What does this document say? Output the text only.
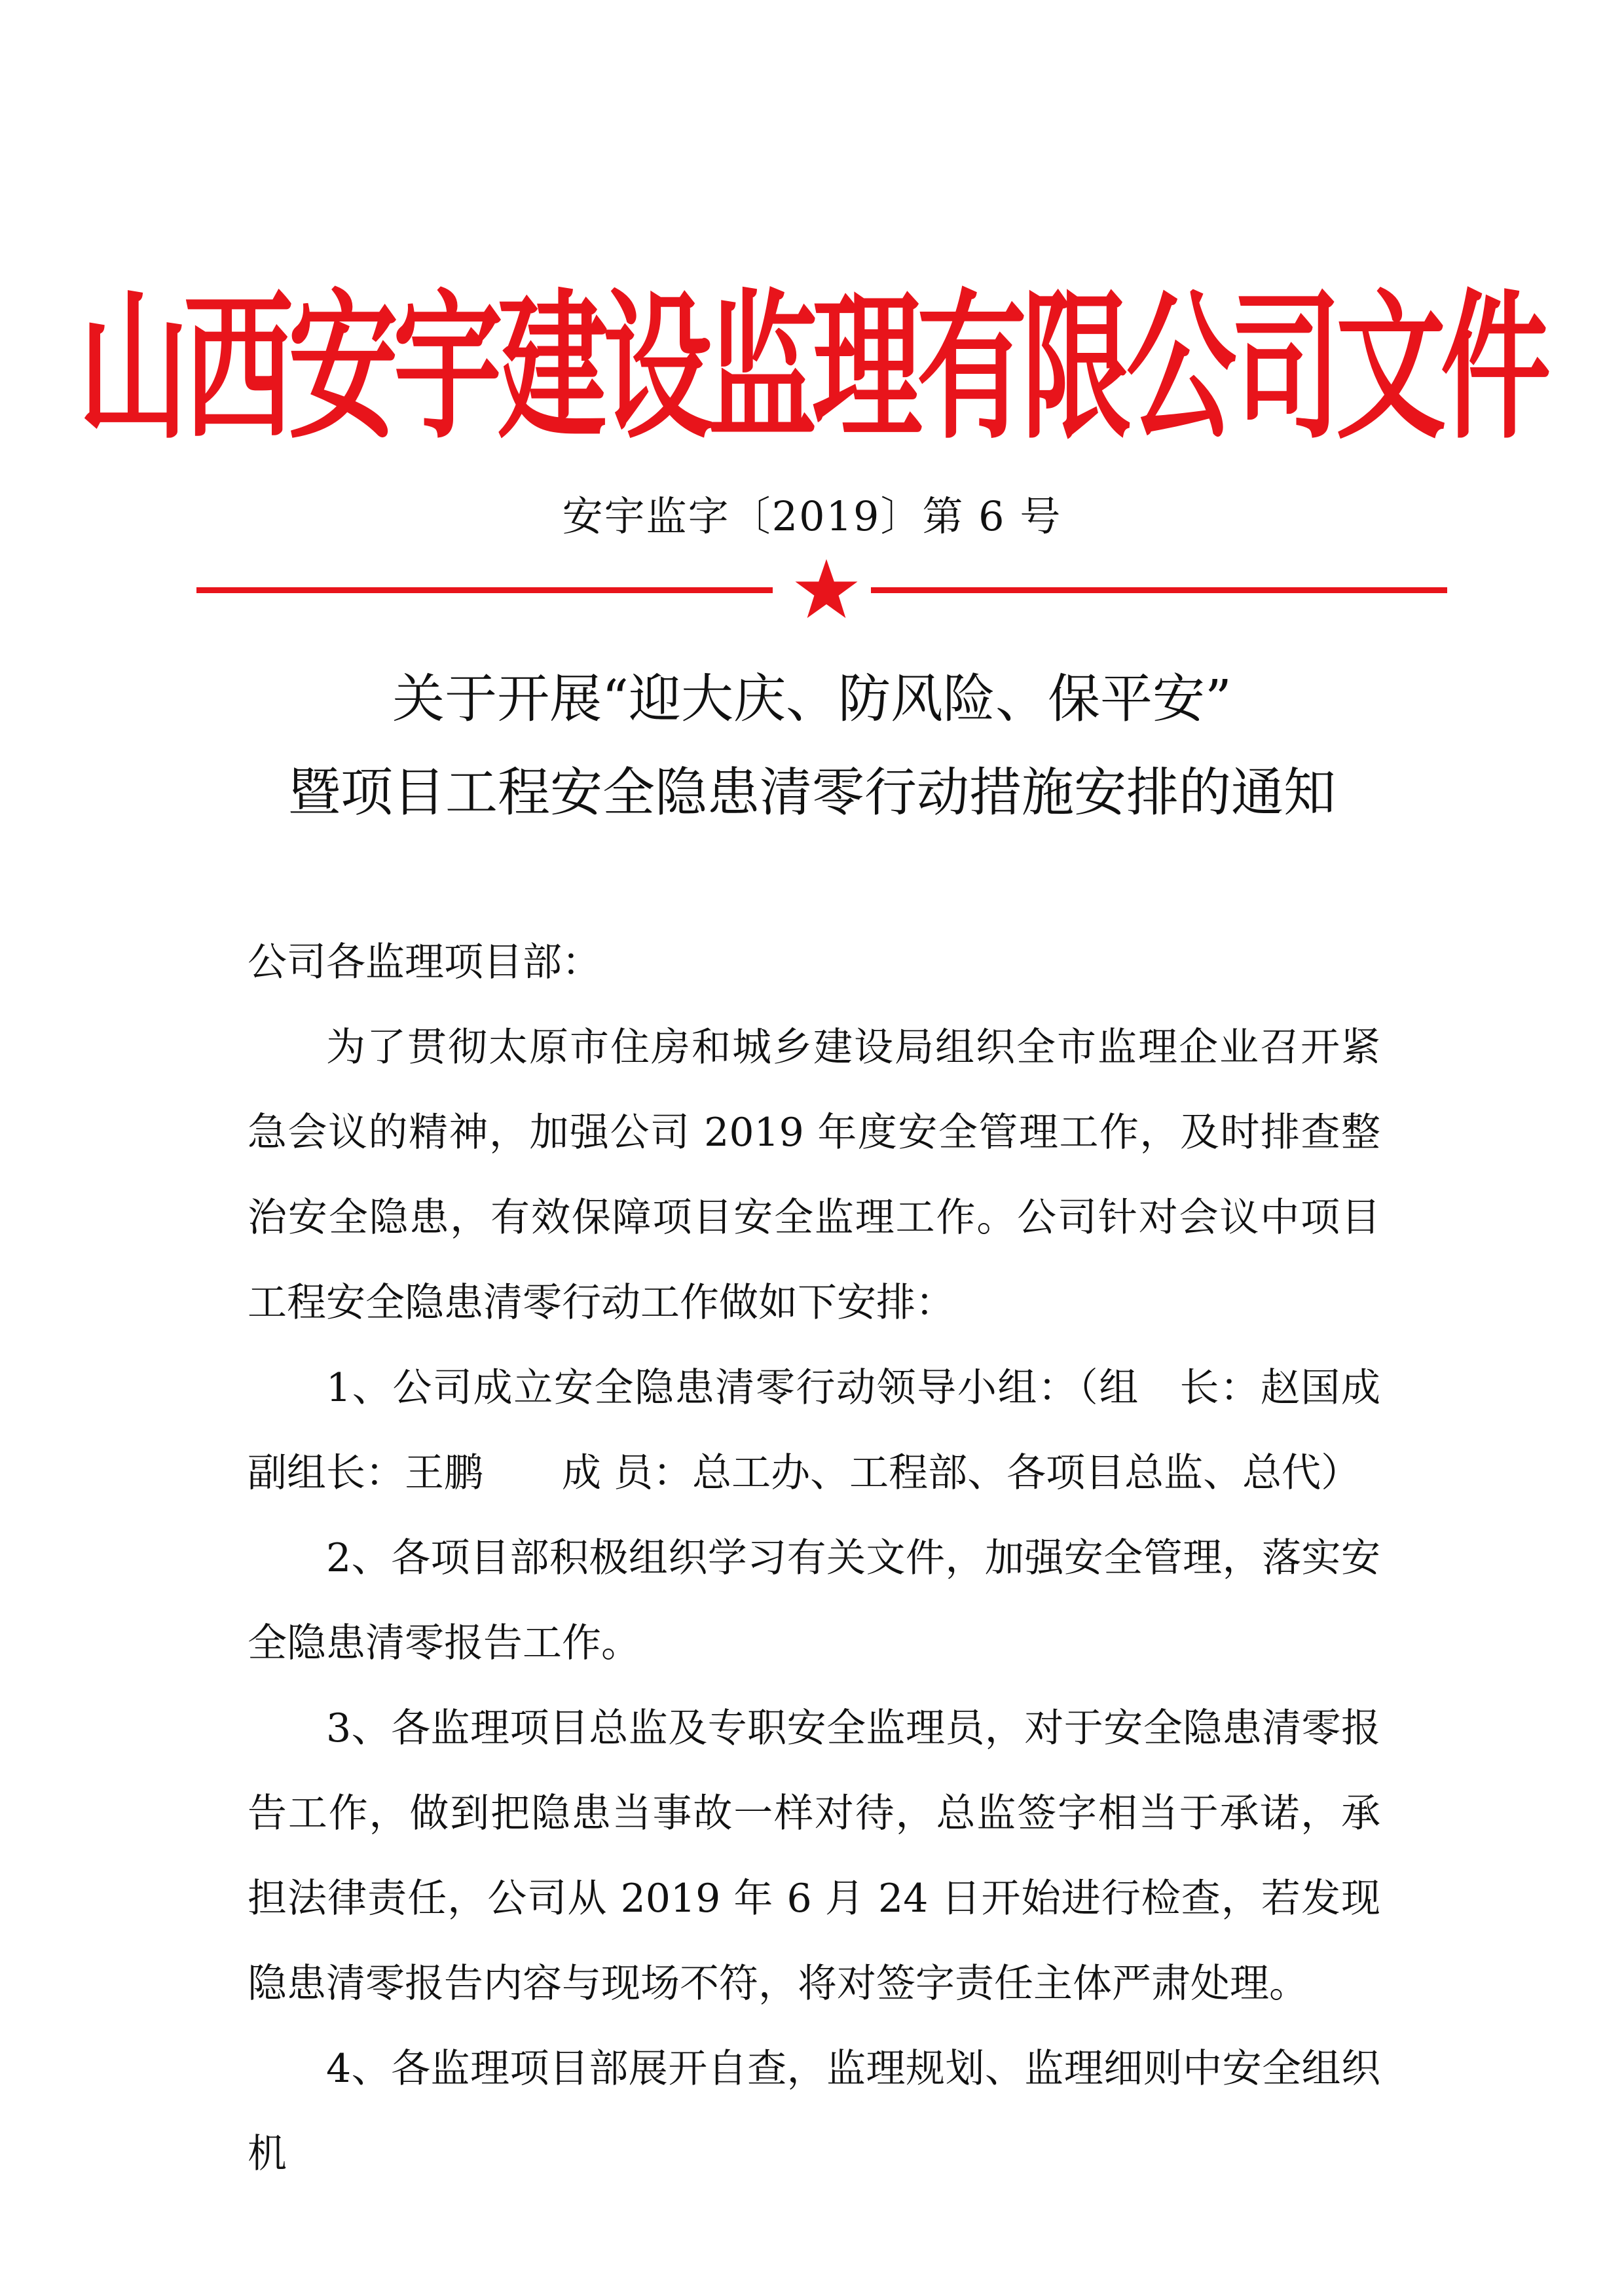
山西安宇建设监理有限公司文件
安宇监字〔2019〕第 6 号
关于开展“迎大庆、防风险、保平安”
暨项目工程安全隐患清零行动措施安排的通知

公司各监理项目部：

为了贯彻太原市住房和城乡建设局组织全市监理企业召开紧急会议的精神，加强公司 2019 年度安全管理工作，及时排查整治安全隐患，有效保障项目安全监理工作。公司针对会议中项目工程安全隐患清零行动工作做如下安排：

1、公司成立安全隐患清零行动领导小组：（组　长：赵国成　 副组长：王鹏　　成 员：总工办、工程部、各项目总监、总代）

2、各项目部积极组织学习有关文件，加强安全管理，落实安全隐患清零报告工作。

3、各监理项目总监及专职安全监理员，对于安全隐患清零报告工作，做到把隐患当事故一样对待，总监签字相当于承诺，承担法律责任，公司从 2019 年 6 月 24 日开始进行检查，若发现隐患清零报告内容与现场不符，将对签字责任主体严肃处理。

4、各监理项目部展开自查，监理规划、监理细则中安全组织机
